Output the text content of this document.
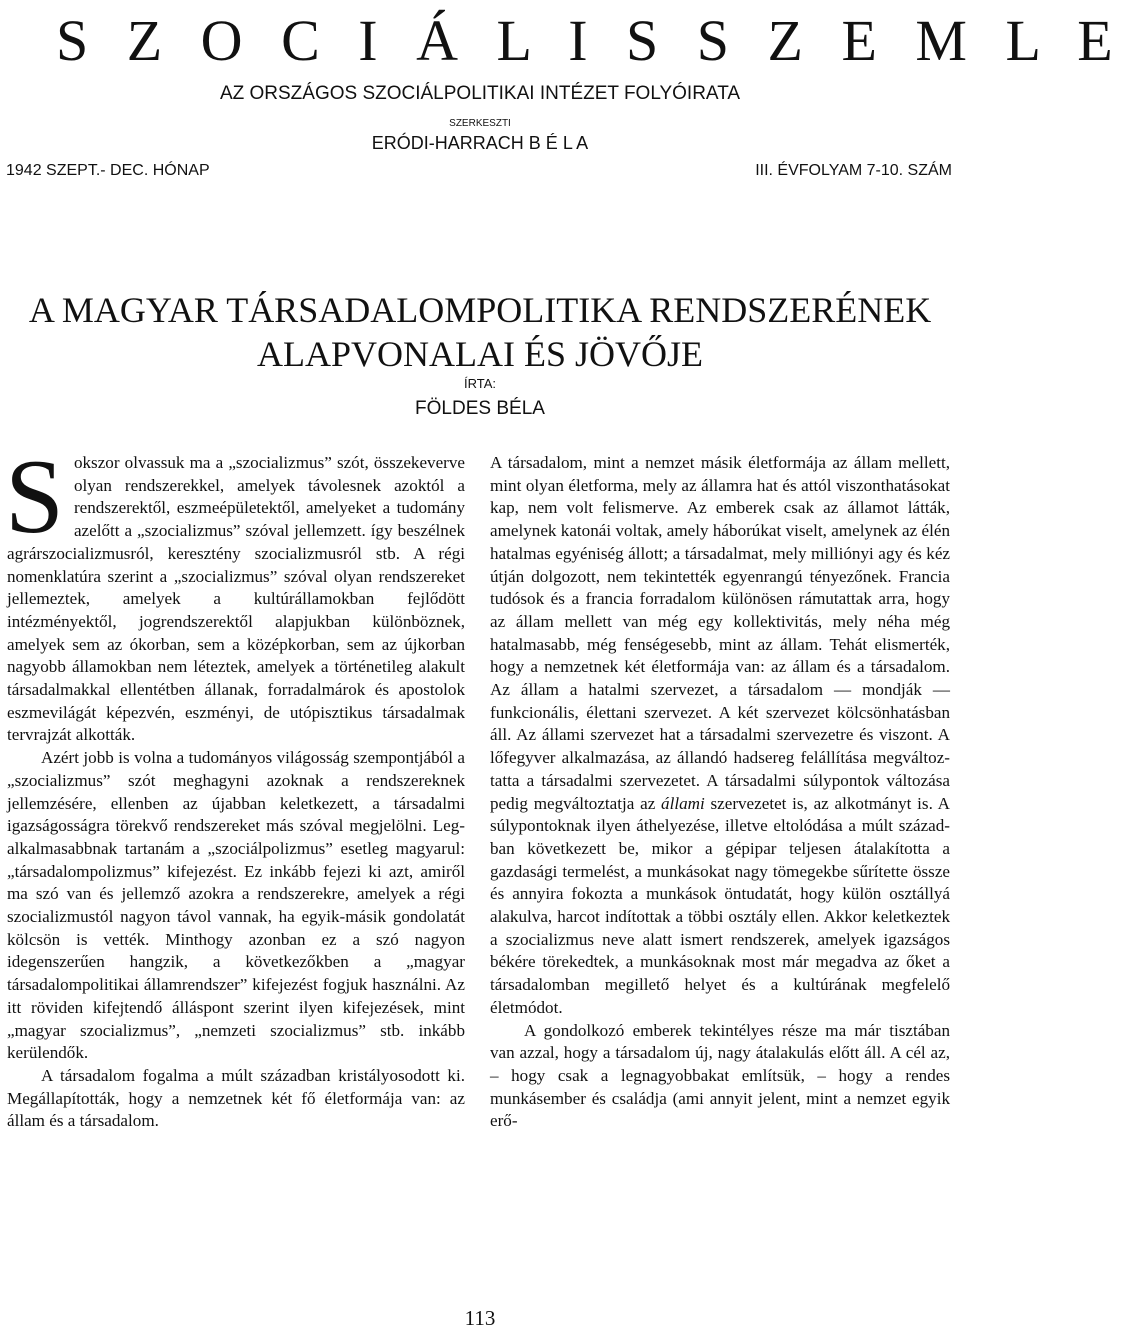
S Z O C I Á L I S S Z E M L E
AZ ORSZÁGOS SZOCIÁLPOLITIKAI INTÉZET FOLYÓIRATA
SZERKESZTI
ERÓDI-HARRACH B É L A
1942 SZEPT.- DEC. HÓNAP	III. ÉVFOLYAM 7-10. SZÁM
A MAGYAR TÁRSADALOMPOLITIKA RENDSZERÉNEK
ALAPVONALAI ÉS JÖVŐJE
ÍRTA:
FÖLDES BÉLA

Sokszor olvassuk ma a „szocializmus” szót, összekeverve olyan rendszerekkel, amelyek távolesnek azoktól a rendszerektől, eszmeépületektől, amelyeket a tudomány azelőtt a „szocializmus” szóval jellemzett. így beszélnek agrárszocializmusról, keresztény szocializmusról stb. A régi nomenklatúra szerint a „szocializmus” szóval olyan rendszereket jellemeztek, amelyek a kultúrállamokban fejlődött intézményektől, jogrendszerektől alapjukban különböznek, amelyek sem az ókorban, sem a középkorban, sem az újkorban nagyobb államokban nem léteztek, amelyek a történetileg alakult társadalmakkal ellentétben állanak, forradalmárok és apostolok eszmevilágát képezvén, eszményi, de utópisztikus társadalmak tervrajzát alkották.

Azért jobb is volna a tudományos világosság szempontjából a „szocializmus” szót meghagyni azoknak a rendszereknek jellemzésére, ellenben az újabban keletkezett, a társadalmi igazságosságra törekvő rendszereket más szóval megjelölni. Legalkalmasabbnak tartanám a „szociálpolizmus” esetleg magyarul: „társadalompolizmus” kifejezést. Ez inkább fejezi ki azt, amiről ma szó van és jellemző azokra a rendszerekre, amelyek a régi szocializmustól nagyon távol vannak, ha egyik-másik gondolatát kölcsön is vették. Minthogy azonban ez a szó nagyon idegenszerűen hangzik, a következőkben a „magyar társadalompolitikai államrendszer” kifejezést fogjuk használni. Az itt röviden kifejtendő álláspont szerint ilyen kifejezések, mint „magyar szocializmus”, „nemzeti szocializmus” stb. inkább kerülendők.

A társadalom fogalma a múlt században kristályosodott ki. Megállapították, hogy a nemzetnek két fő életformája van: az állam és a társadalom.

A társadalom, mint a nemzet másik életformája az állam mellett, mint olyan életforma, mely az államra hat és attól viszonthatásokat kap, nem volt felismerve. Az emberek csak az államot látták, amelynek katonái voltak, amely háborúkat viselt, amelynek az élén hatalmas egyéniség állott; a társadalmat, mely milliónyi agy és kéz útján dolgozott, nem tekintették egyenrangú tényezőnek. Francia tudósok és a francia forradalom különösen rámutattak arra, hogy az állam mellett van még egy kollektivitás, mely néha még hatalmasabb, még fenségesebb, mint az állam. Tehát elismerték, hogy a nemzetnek két életformája van: az állam és a társadalom. Az állam a hatalmi szervezet, a társadalom — mondják — funkcionális, élettani szervezet. A két szervezet kölcsönhatásban áll. Az állami szervezet hat a társadalmi szervezetre és viszont. A lőfegyver alkalmazása, az állandó hadsereg felállítása megváltoztatta a társadalmi szervezetet. A társadalmi súlypontok változása pedig megváltoztatja az állami szervezetet is, az alkotmányt is. A súlypontoknak ilyen áthelyezése, illetve eltolódása a múlt században következett be, mikor a gépipar teljesen átalakította a gazdasági termelést, a munkásokat nagy tömegekbe sűrítette össze és annyira fokozta a munkások öntudatát, hogy külön osztállyá alakulva, harcot indítottak a többi osztály ellen. Akkor keletkeztek a szocializmus neve alatt ismert rendszerek, amelyek igazságos békére törekedtek, a munkásoknak most már megadva az őket a társadalomban megillető helyet és a kultúrának megfelelő életmódot.

A gondolkozó emberek tekintélyes része ma már tisztában van azzal, hogy a társadalom új, nagy átalakulás előtt áll. A cél az, – hogy csak a legnagyobbakat említsük, – hogy a rendes munkásember és családja (ami annyit jelent, mint a nemzet egyik erő-

113
